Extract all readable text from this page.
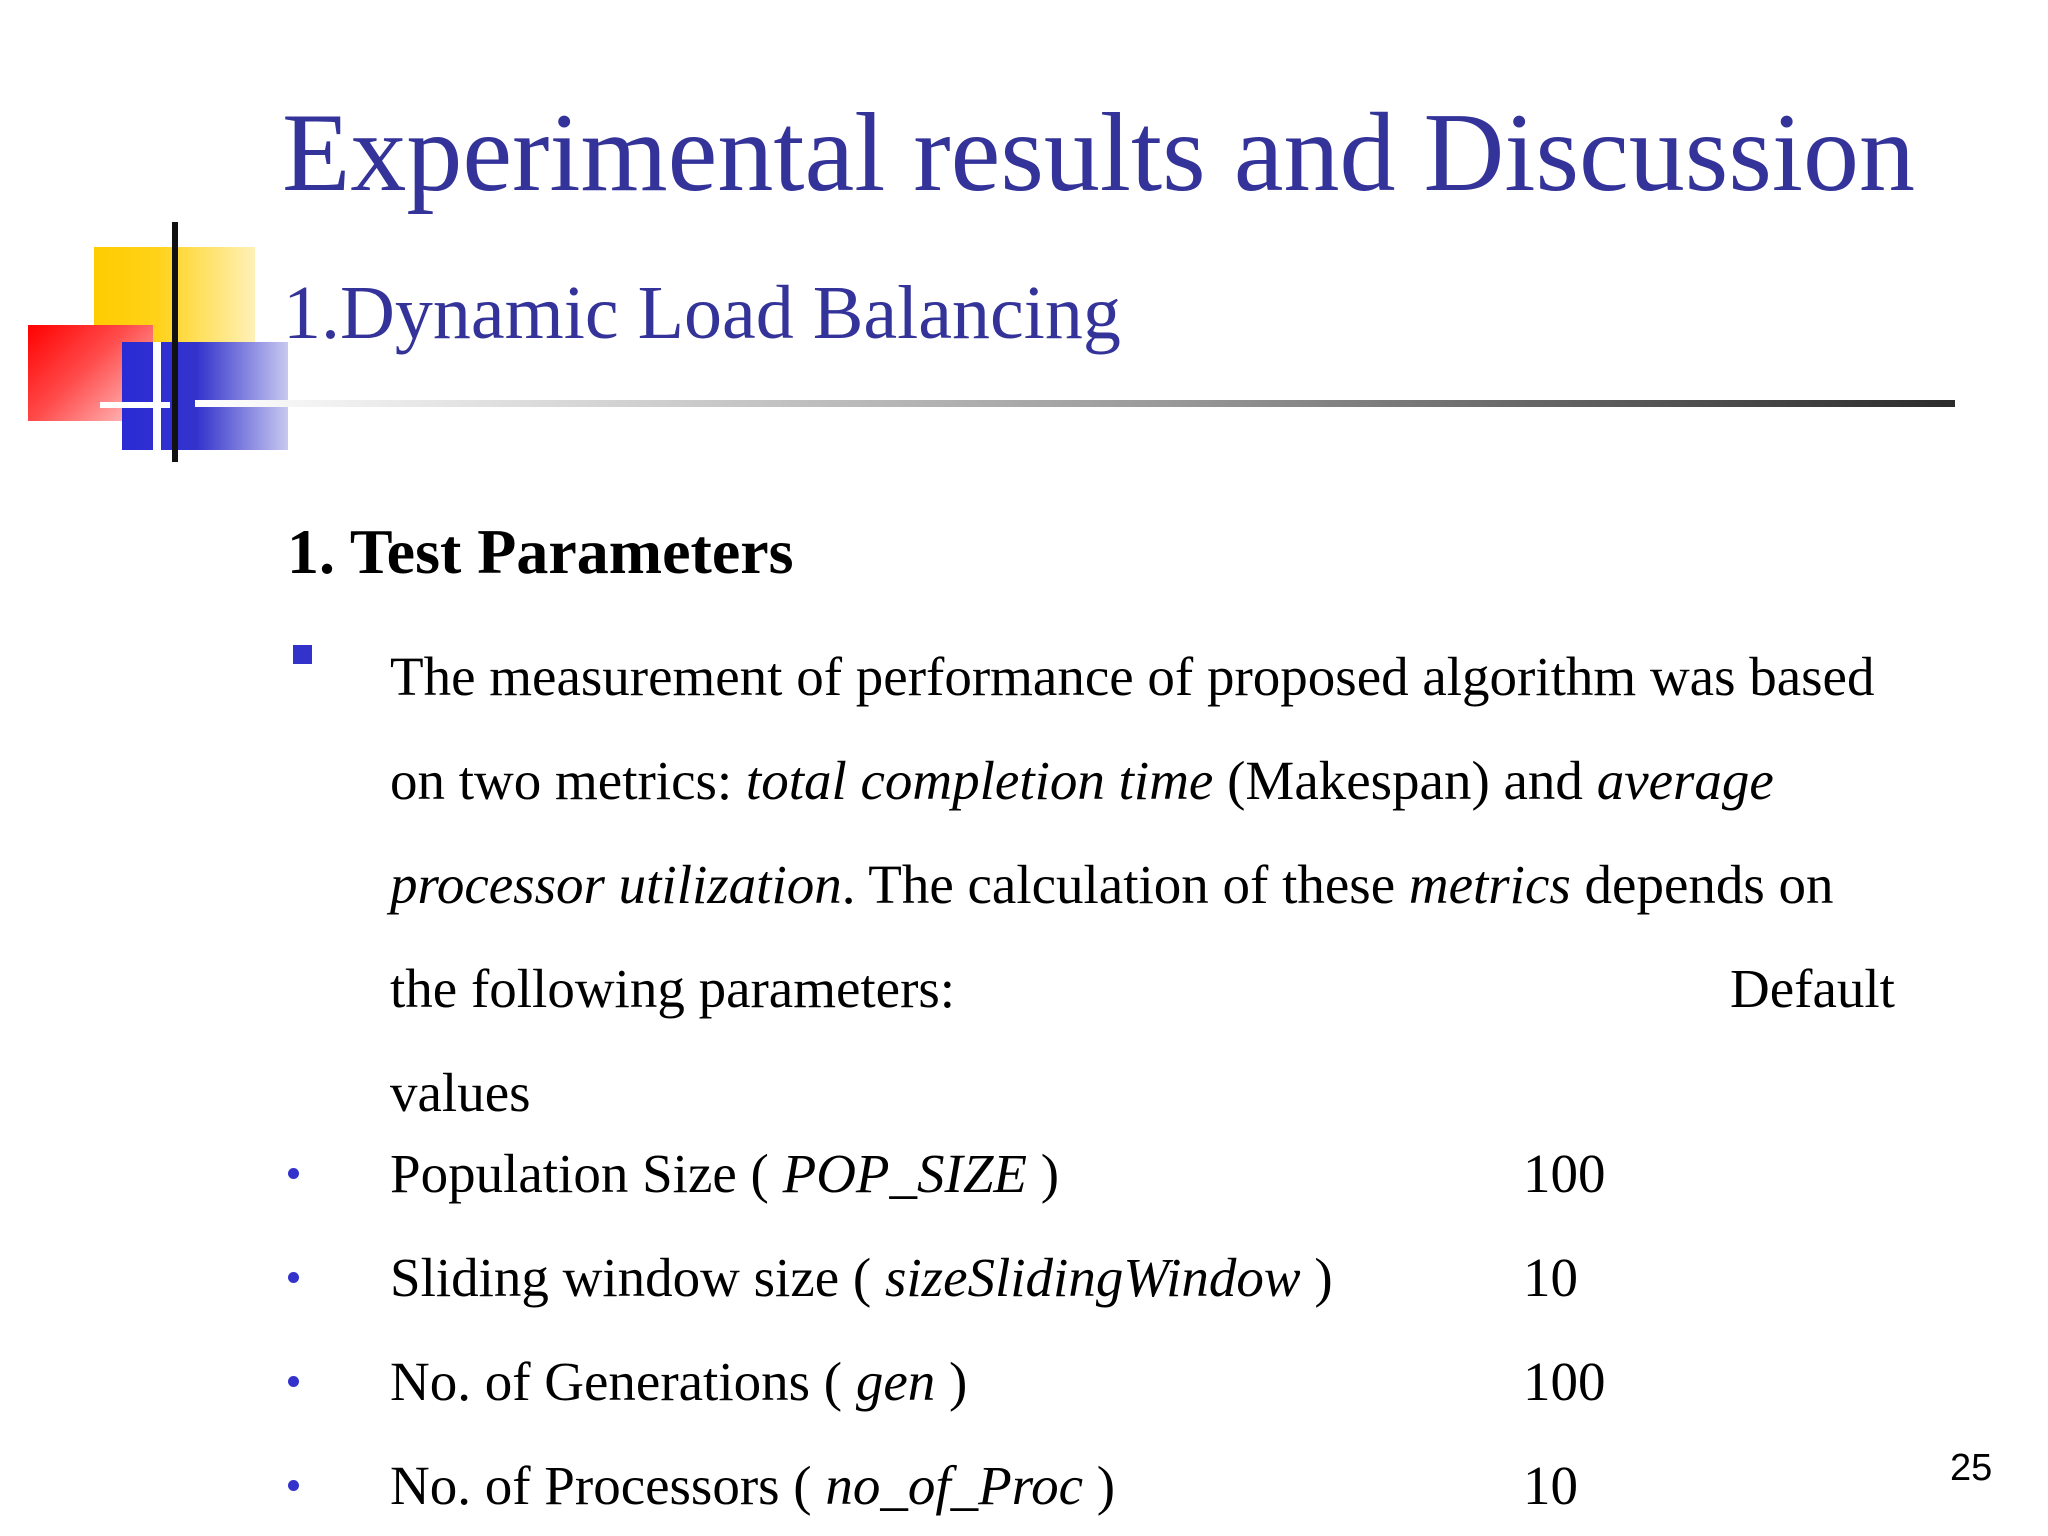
Experimental results and Discussion
1.Dynamic Load Balancing
1. Test Parameters
The measurement of performance of proposed algorithm was based
on two metrics: total completion time (Makespan) and average
processor utilization. The calculation of these metrics depends on
the following parameters:	Default
values
Population Size ( POP_SIZE )	100
Sliding window size ( sizeSlidingWindow )	10
No. of Generations ( gen )	100
No. of Processors ( no_of_Proc )	10	25
